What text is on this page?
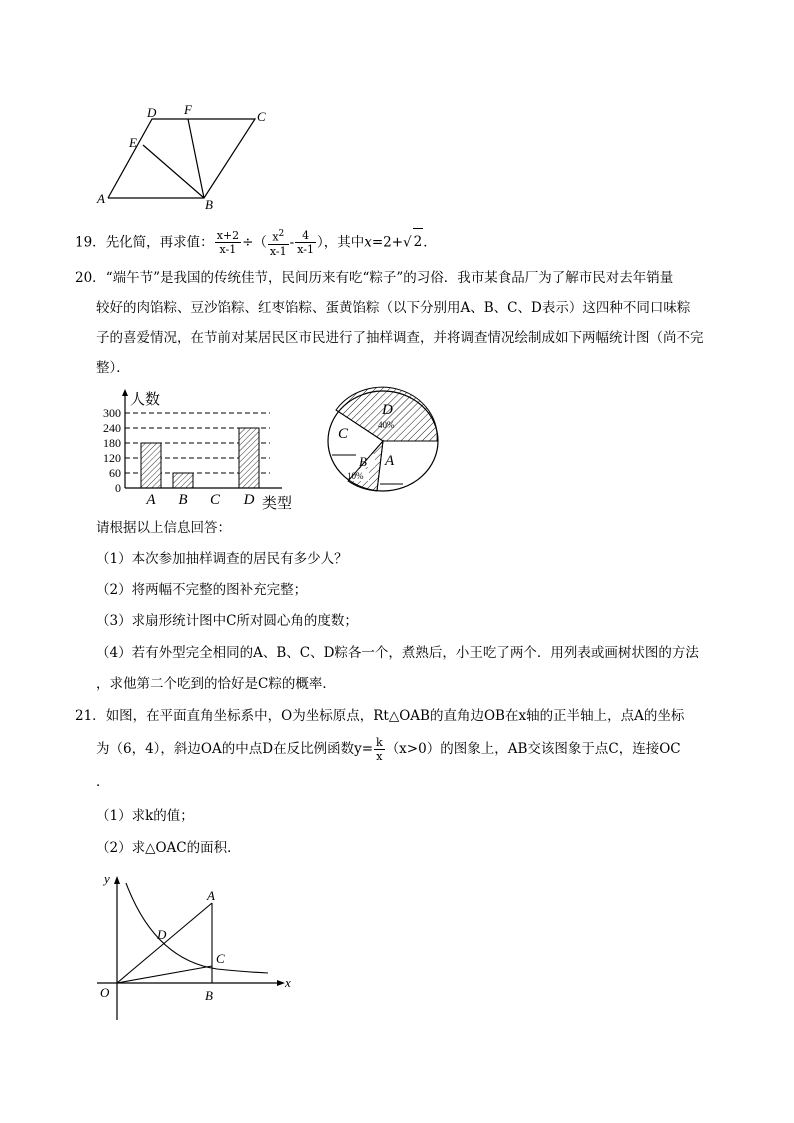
D F	C
E
A	B
19．先化简，再求值： $\frac{x+2}{x-1}$ ÷（ $\frac{x^2}{x-1} - \frac{4}{x-1}$ ），其中x=2+√ 2．
20．“端午节”是我国的传统佳节，民间历来有吃“粽子”的习俗．我市某食品厂为了解市民对去年销量
较好的肉馅粽、豆沙馅粽、红枣馅粽、蛋黄馅粽（以下分别用A、B、C、D表示）这四种不同口味粽
子的喜爱情况，在节前对某居民区市民进行了抽样调查，并将调查情况绘制成如下两幅统计图（尚不完
整）．
300
240
180
120
60
0
A B C D
人数
类型
D
40%
C
B
10%
A
请根据以上信息回答：
（1）本次参加抽样调查的居民有多少人？
（2）将两幅不完整的图补充完整；
（3）求扇形统计图中C所对圆心角的度数；
（4）若有外型完全相同的A、B、C、D粽各一个，煮熟后，小王吃了两个．用列表或画树状图的方法
，求他第二个吃到的恰好是C粽的概率．
21．如图，在平面直角坐标系中，O为坐标原点，Rt△OAB的直角边OB在x轴的正半轴上，点A的坐标
为（6，4），斜边OA的中点D在反比例函数$y= \frac{k}{x} (x>0)$的图象上，AB交该图象于点C，连接OC
．
（1）求k的值；
（2）求△OAC的面积．
y
A
D
C
O	B
x
